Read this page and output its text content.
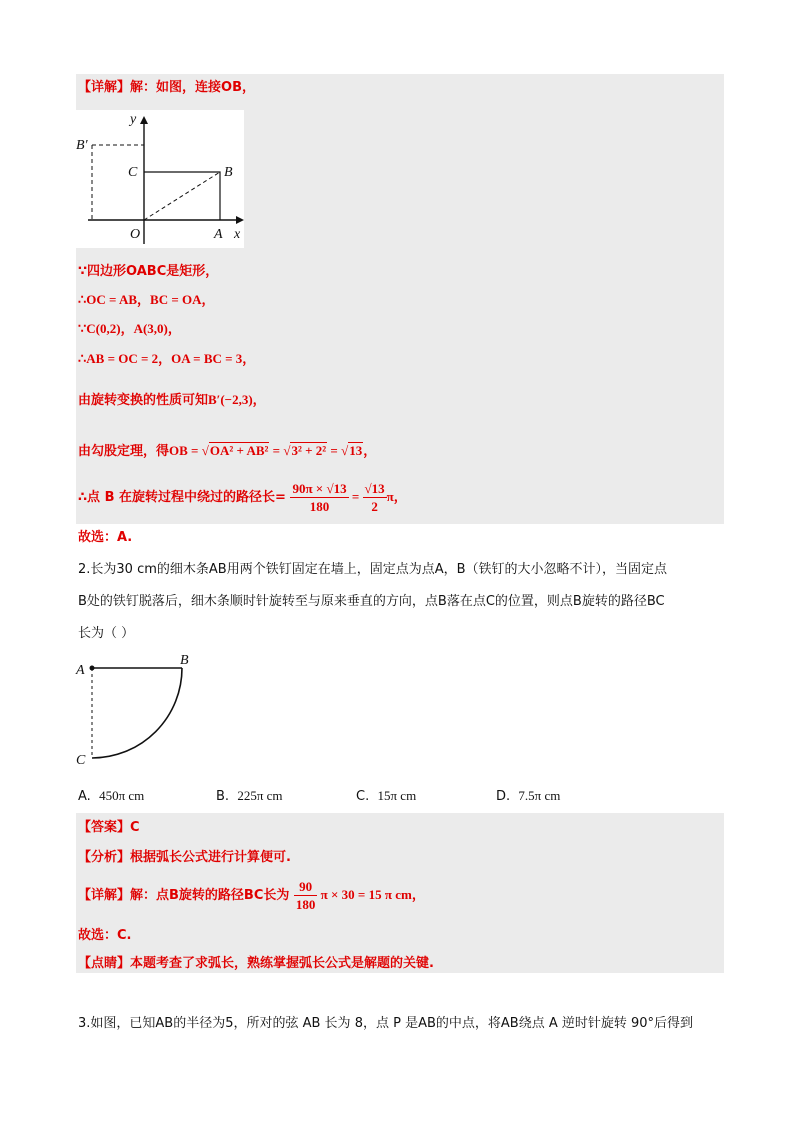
【详解】解：如图，连接OB，
y
x
O	A
B
C
B′
∵四边形OABC是矩形，
∴OC = AB，BC = OA，
∵C(0,2)，A(3,0)，
∴AB = OC = 2，OA = BC = 3，
由旋转变换的性质可知B′(−2,3)，
由勾股定理，得OB = √OA² + AB² = √3² + 2² = √13，
∴点 B 在旋转过程中绕过的路径长= $\frac{90\pi \times √13}{180} = \frac{√13}{2}$ π，
故选：A.
2.长为30 cm的细木条AB用两个铁钉固定在墙上，固定点为点A，B（铁钉的大小忽略不计），当固定点
B处的铁钉脱落后，细木条顺时针旋转至与原来垂直的方向，点B落在点C的位置，则点B旋转的路径BC
长为（ ）
A
B
C
A. 450π cm	B. 225π cm	C. 15π cm	D. 7.5π cm
【答案】C
【分析】根据弧长公式进行计算便可.
【详解】解：点B旋转的路径BC长为 $\frac{90}{180}$ π × 30 = 15 π cm，
故选：C.
【点睛】本题考查了求弧长，熟练掌握弧长公式是解题的关键.
3.如图，已知AB的半径为5，所对的弦 AB 长为 8，点 P 是AB的中点，将AB绕点 A 逆时针旋转 90°后得到
